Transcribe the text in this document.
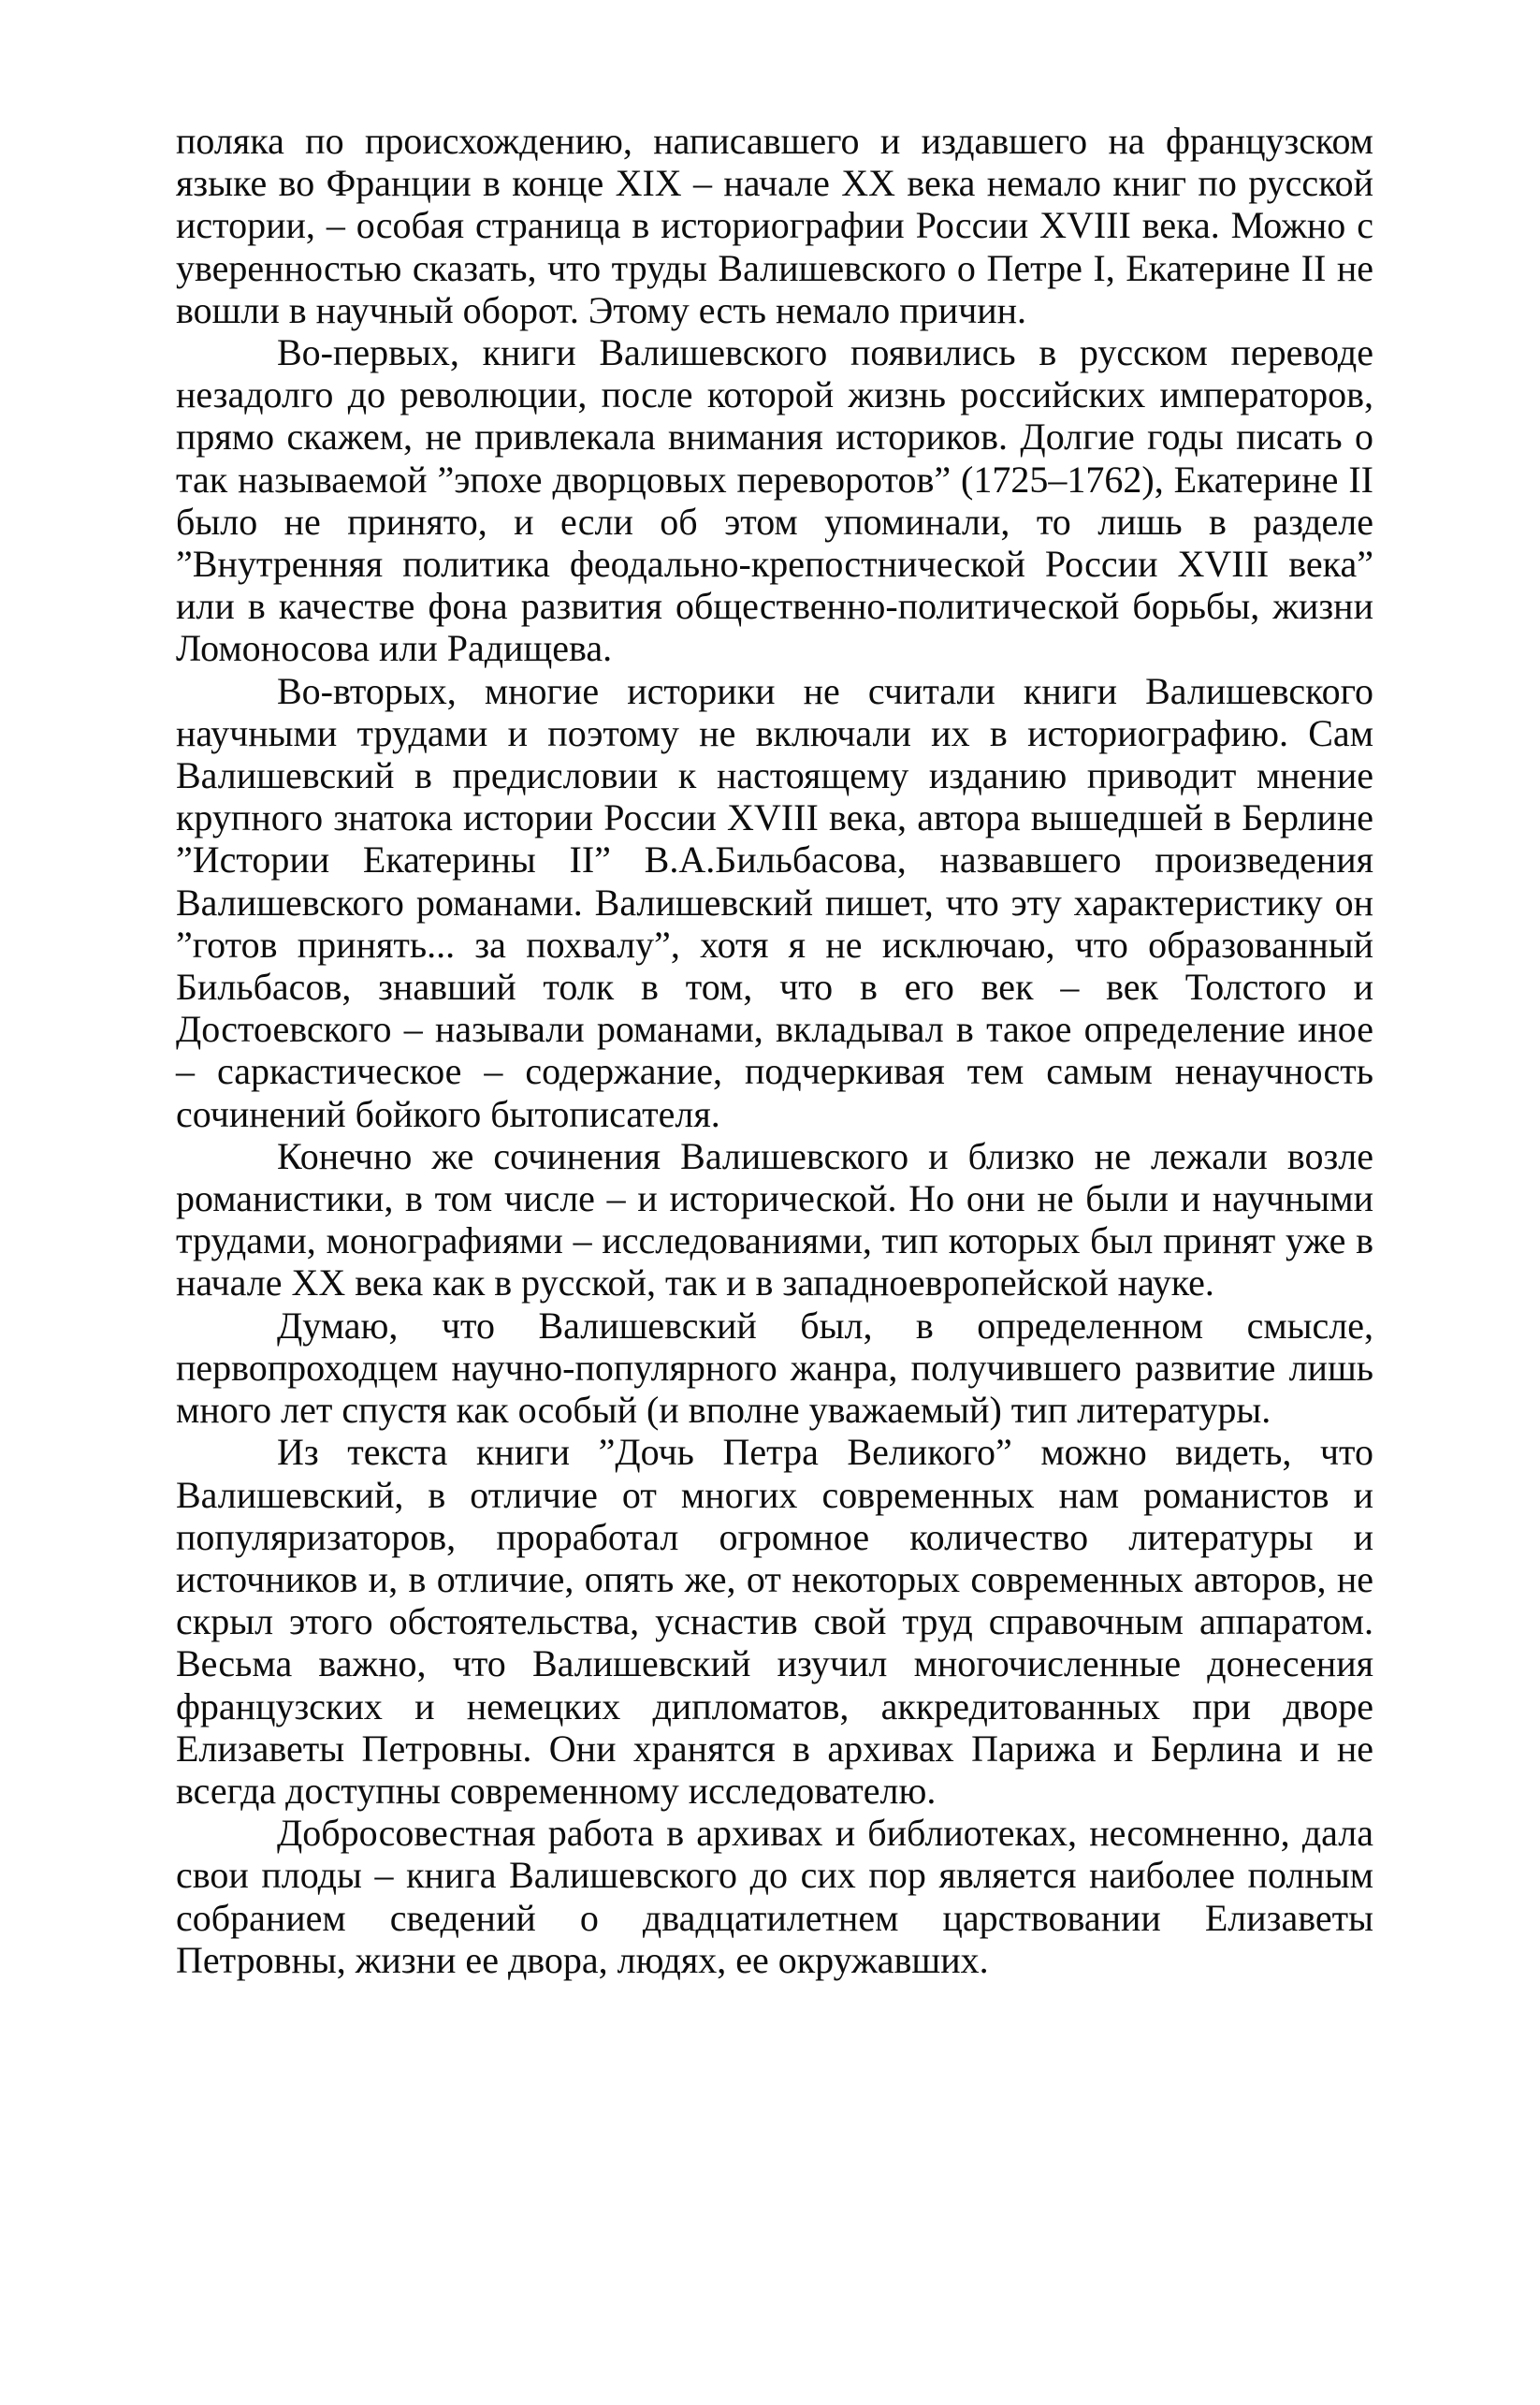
поляка по происхождению, написавшего и издавшего на французском языке во Франции в конце XIX – начале XX века немало книг по русской истории, – особая страница в историографии России XVIII века. Можно с уверенностью сказать, что труды Валишевского о Петре I, Екатерине II не вошли в научный оборот. Этому есть немало причин.

Во-первых, книги Валишевского появились в русском переводе незадолго до революции, после которой жизнь российских императоров, прямо скажем, не привлекала внимания историков. Долгие годы писать о так называемой ”эпохе дворцовых переворотов” (1725–1762), Екатерине II было не принято, и если об этом упоминали, то лишь в разделе ”Внутренняя политика феодально-крепостнической России XVIII века” или в качестве фона развития общественно-политической борьбы, жизни Ломоносова или Радищева.

Во-вторых, многие историки не считали книги Валишевского научными трудами и поэтому не включали их в историографию. Сам Валишевский в предисловии к настоящему изданию приводит мнение крупного знатока истории России XVIII века, автора вышедшей в Берлине ”Истории Екатерины II” В.А.Бильбасова, назвавшего произведения Валишевского романами. Валишевский пишет, что эту характеристику он ”готов принять... за похвалу”, хотя я не исключаю, что образованный Бильбасов, знавший толк в том, что в его век – век Толстого и Достоевского – называли романами, вкладывал в такое определение иное – саркастическое – содержание, подчеркивая тем самым ненаучность сочинений бойкого бытописателя.

Конечно же сочинения Валишевского и близко не лежали возле романистики, в том числе – и исторической. Но они не были и научными трудами, монографиями – исследованиями, тип которых был принят уже в начале XX века как в русской, так и в западноевропейской науке.

Думаю, что Валишевский был, в определенном смысле, первопроходцем научно-популярного жанра, получившего развитие лишь много лет спустя как особый (и вполне уважаемый) тип литературы.

Из текста книги ”Дочь Петра Великого” можно видеть, что Валишевский, в отличие от многих современных нам романистов и популяризаторов, проработал огромное количество литературы и источников и, в отличие, опять же, от некоторых современных авторов, не скрыл этого обстоятельства, уснастив свой труд справочным аппаратом. Весьма важно, что Валишевский изучил многочисленные донесения французских и немецких дипломатов, аккредитованных при дворе Елизаветы Петровны. Они хранятся в архивах Парижа и Берлина и не всегда доступны современному исследователю.

Добросовестная работа в архивах и библиотеках, несомненно, дала свои плоды – книга Валишевского до сих пор является наиболее полным собранием сведений о двадцатилетнем царствовании Елизаветы Петровны, жизни ее двора, людях, ее окружавших.
